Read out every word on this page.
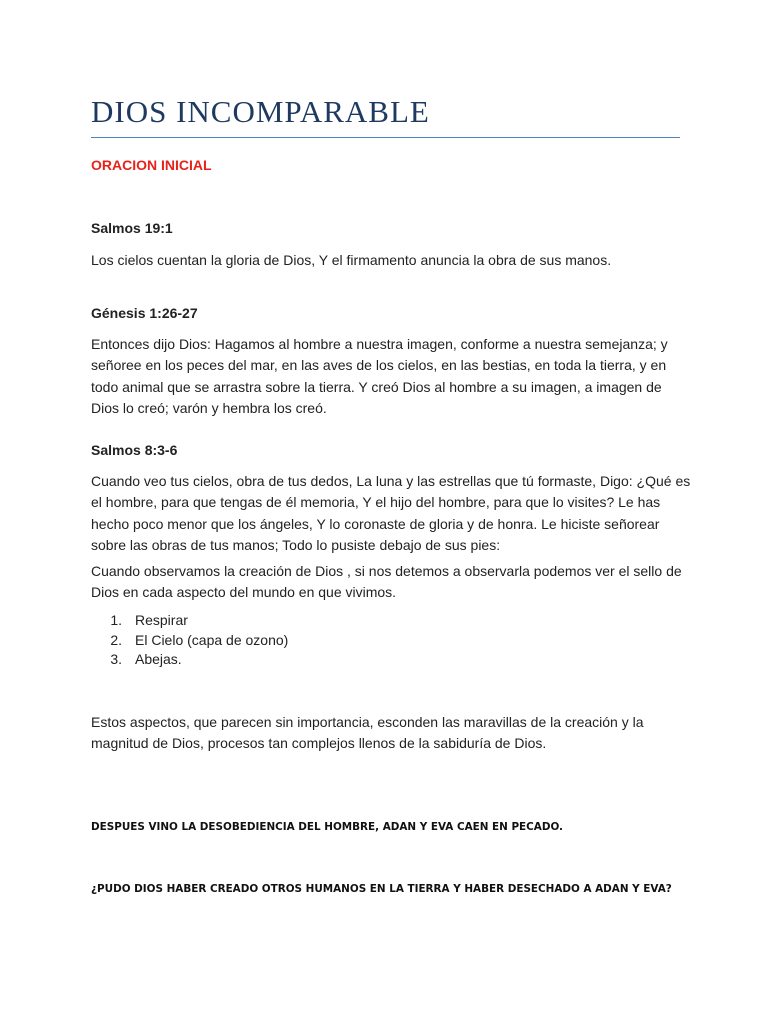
DIOS INCOMPARABLE

ORACION INICIAL

Salmos 19:1

Los cielos cuentan la gloria de Dios, Y el firmamento anuncia la obra de sus manos.

Génesis 1:26-27

Entonces dijo Dios: Hagamos al hombre a nuestra imagen, conforme a nuestra semejanza; y señoree en los peces del mar, en las aves de los cielos, en las bestias, en toda la tierra, y en todo animal que se arrastra sobre la tierra. Y creó Dios al hombre a su imagen, a imagen de Dios lo creó; varón y hembra los creó.

Salmos 8:3-6

Cuando veo tus cielos, obra de tus dedos, La luna y las estrellas que tú formaste, Digo: ¿Qué es el hombre, para que tengas de él memoria, Y el hijo del hombre, para que lo visites? Le has hecho poco menor que los ángeles, Y lo coronaste de gloria y de honra. Le hiciste señorear sobre las obras de tus manos; Todo lo pusiste debajo de sus pies:

Cuando observamos la creación de Dios , si nos detemos a observarla podemos ver el sello de Dios en cada aspecto del mundo en que vivimos.

1. Respirar
2. El Cielo (capa de ozono)
3. Abejas.

Estos aspectos, que parecen sin importancia, esconden las maravillas de la creación y la magnitud de Dios, procesos tan complejos llenos de la sabiduría de Dios.

DESPUES VINO LA DESOBEDIENCIA DEL HOMBRE, ADAN Y EVA CAEN EN PECADO.

¿PUDO DIOS HABER CREADO OTROS HUMANOS EN LA TIERRA Y HABER DESECHADO A ADAN Y EVA?
